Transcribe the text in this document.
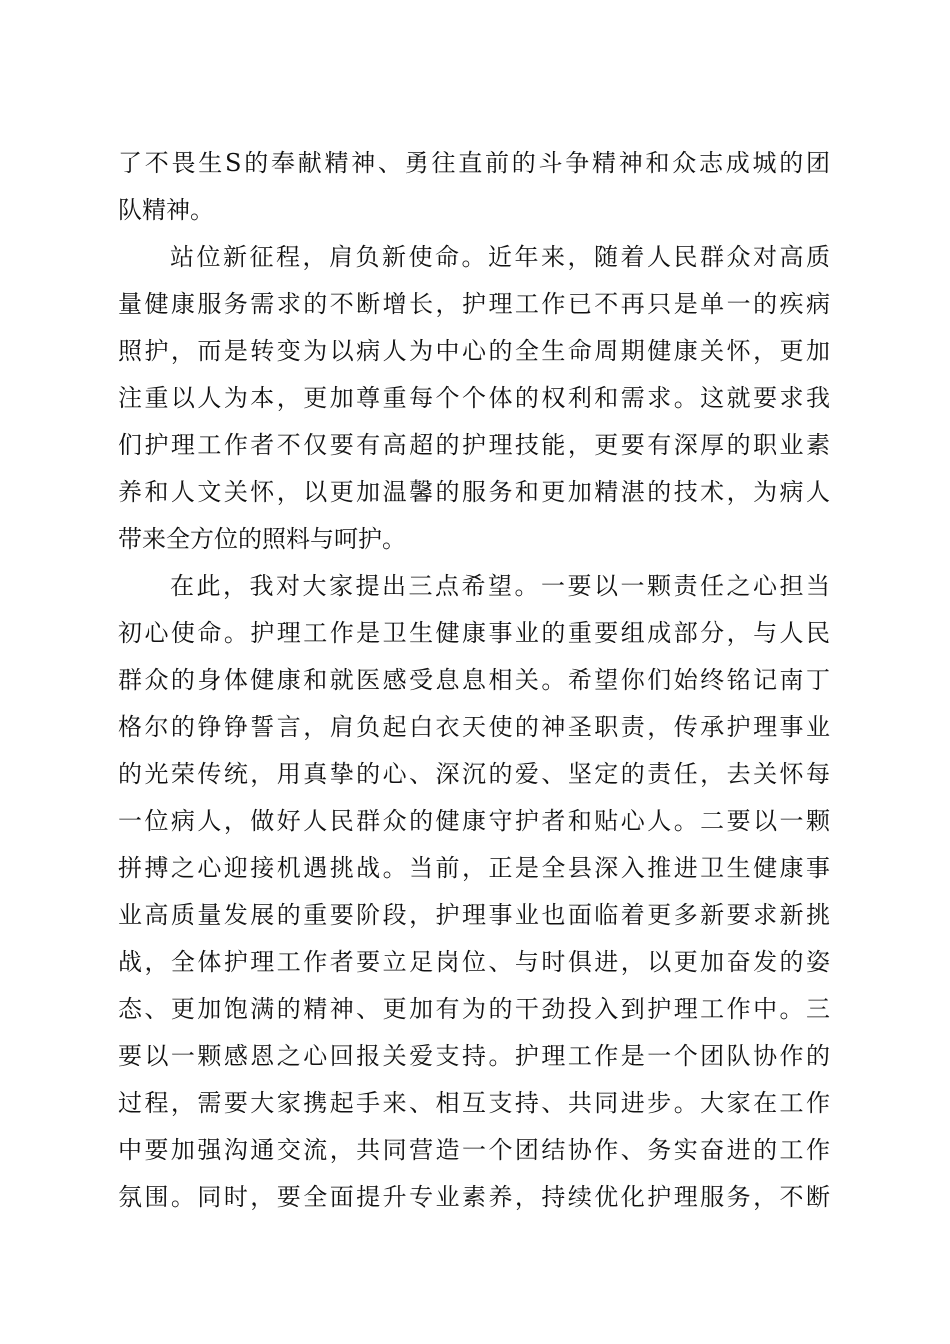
了不畏生S的奉献精神、勇往直前的斗争精神和众志成城的团
队精神。
站位新征程，肩负新使命。近年来，随着人民群众对高质
量健康服务需求的不断增长，护理工作已不再只是单一的疾病
照护，而是转变为以病人为中心的全生命周期健康关怀，更加
注重以人为本，更加尊重每个个体的权利和需求。这就要求我
们护理工作者不仅要有高超的护理技能，更要有深厚的职业素
养和人文关怀，以更加温馨的服务和更加精湛的技术，为病人
带来全方位的照料与呵护。
在此，我对大家提出三点希望。一要以一颗责任之心担当
初心使命。护理工作是卫生健康事业的重要组成部分，与人民
群众的身体健康和就医感受息息相关。希望你们始终铭记南丁
格尔的铮铮誓言，肩负起白衣天使的神圣职责，传承护理事业
的光荣传统，用真挚的心、深沉的爱、坚定的责任，去关怀每
一位病人，做好人民群众的健康守护者和贴心人。二要以一颗
拼搏之心迎接机遇挑战。当前，正是全县深入推进卫生健康事
业高质量发展的重要阶段，护理事业也面临着更多新要求新挑
战，全体护理工作者要立足岗位、与时俱进，以更加奋发的姿
态、更加饱满的精神、更加有为的干劲投入到护理工作中。三
要以一颗感恩之心回报关爱支持。护理工作是一个团队协作的
过程，需要大家携起手来、相互支持、共同进步。大家在工作
中要加强沟通交流，共同营造一个团结协作、务实奋进的工作
氛围。同时，要全面提升专业素养，持续优化护理服务，不断
